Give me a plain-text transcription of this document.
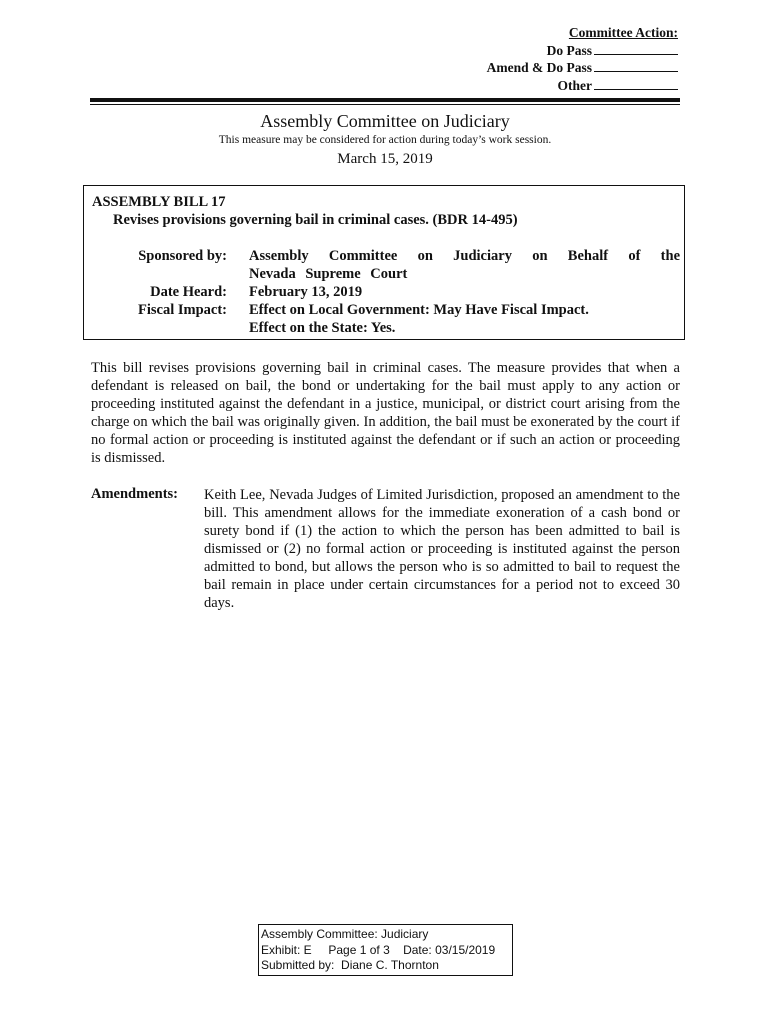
Committee Action:
Do Pass
Amend & Do Pass
Other
Assembly Committee on Judiciary
This measure may be considered for action during today’s work session.
March 15, 2019
ASSEMBLY BILL 17
Revises provisions governing bail in criminal cases. (BDR 14-495)
Sponsored by: Assembly Committee on Judiciary on Behalf of the
Nevada Supreme Court
Date Heard: February 13, 2019
Fiscal Impact: Effect on Local Government: May Have Fiscal Impact.
Effect on the State: Yes.

This bill revises provisions governing bail in criminal cases. The measure provides that when a defendant is released on bail, the bond or undertaking for the bail must apply to any action or proceeding instituted against the defendant in a justice, municipal, or district court arising from the charge on which the bail was originally given. In addition, the bail must be exonerated by the court if no formal action or proceeding is instituted against the defendant or if such an action or proceeding is dismissed.

Amendments: Keith Lee, Nevada Judges of Limited Jurisdiction, proposed an amendment to the bill. This amendment allows for the immediate exoneration of a cash bond or surety bond if (1) the action to which the person has been admitted to bail is dismissed or (2) no formal action or proceeding is instituted against the person admitted to bond, but allows the person who is so admitted to bail to request the bail remain in place under certain circumstances for a period not to exceed 30 days.

Assembly Committee: Judiciary
Exhibit: E     Page 1 of 3    Date: 03/15/2019
Submitted by:  Diane C. Thornton
